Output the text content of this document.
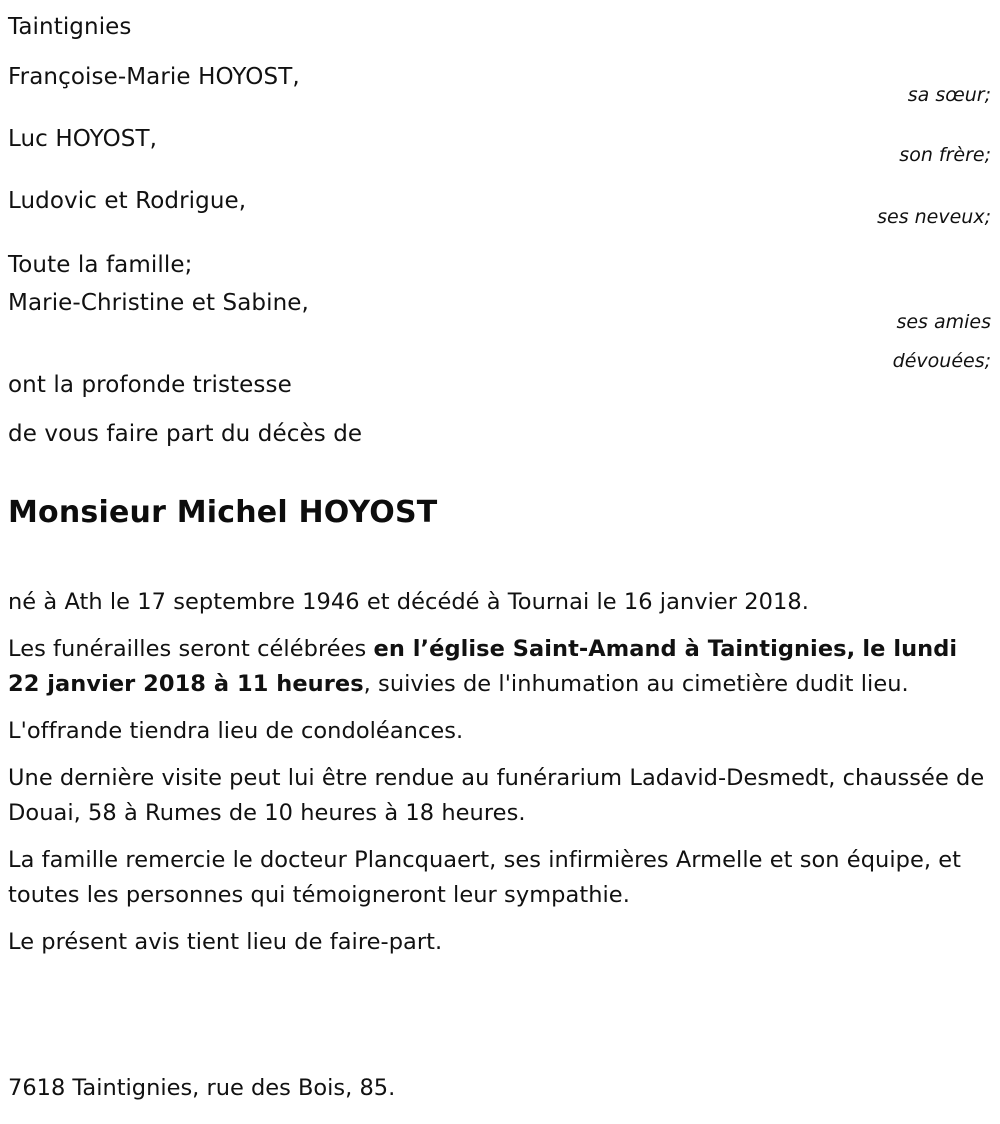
Taintignies
Françoise-Marie HOYOST,
sa sœur;
Luc HOYOST,
son frère;
Ludovic et Rodrigue,
ses neveux;
Toute la famille;
Marie-Christine et Sabine,
ses amies
dévouées;
ont la profonde tristesse
de vous faire part du décès de
Monsieur Michel HOYOST

né à Ath le 17 septembre 1946 et décédé à Tournai le 16 janvier 2018.

Les funérailles seront célébrées en l’église Saint-Amand à Taintignies, le lundi 22 janvier 2018 à 11 heures, suivies de l'inhumation au cimetière dudit lieu.

L'offrande tiendra lieu de condoléances.

Une dernière visite peut lui être rendue au funérarium Ladavid-Desmedt, chaussée de Douai, 58 à Rumes de 10 heures à 18 heures.

La famille remercie le docteur Plancquaert, ses infirmières Armelle et son équipe, et toutes les personnes qui témoigneront leur sympathie.

Le présent avis tient lieu de faire-part.

7618 Taintignies, rue des Bois, 85.
